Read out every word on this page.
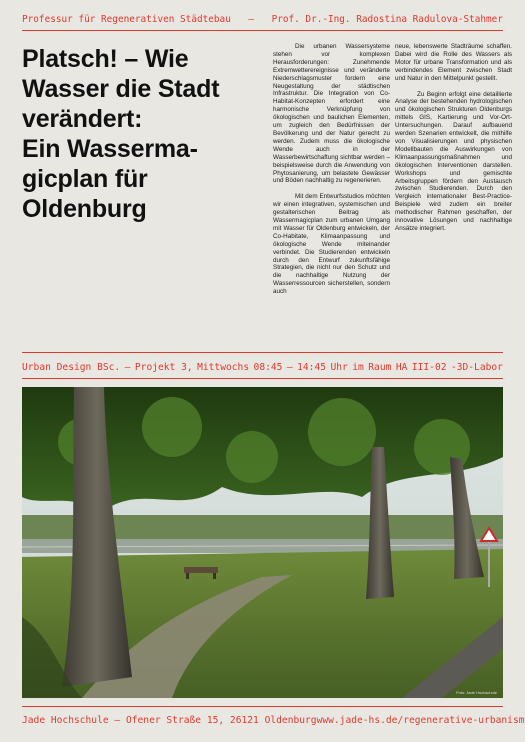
Professur für Regenerativen Städtebau — Prof. Dr.-Ing. Radostina Radulova-Stahmer
Platsch! – Wie
Wasser die Stadt
verändert:
Ein Wasserma-
gicplan für
Oldenburg

Die urbanen Wassersysteme stehen vor komplexen Herausforderungen: Zunehmende Extremwetterereignisse und veränderte Niederschlagsmuster fordern eine Neugestaltung der städtischen Infrastruktur. Die Integration von Co-Habitat-Konzepten erfordert eine harmonische Verknüpfung von ökologischen und baulichen Elementen, um zugleich den Bedürfnissen der Bevölkerung und der Natur gerecht zu werden. Zudem muss die ökologische Wende auch in der Wasserbewirtschaftung sichtbar werden – beispielsweise durch die Anwendung von Phytosanierung, um belastete Gewässer und Böden nachhaltig zu regenerieren.

Mit dem Entwurfsstudios möchten wir einen integrativen, systemischen und gestalterischen Beitrag als Wassermagicplan zum urbanen Umgang mit Wasser für Oldenburg entwickeln, der Co-Habitate, Klimaanpassung und ökologische Wende miteinander verbindet. Die Studierenden entwickeln durch den Entwurf zukunftsfähige Strategien, die nicht nur den Schutz und die nachhaltige Nutzung der Wasserressourcen sicherstellen, sondern auch

neue, lebenswerte Stadträume schaffen. Dabei wird die Rolle des Wassers als Motor für urbane Transformation und als verbindendes Element zwischen Stadt und Natur in den Mittelpunkt gestellt.

Zu Beginn erfolgt eine detaillierte Analyse der bestehenden hydrologischen und ökologischen Strukturen Oldenburgs mittels GIS, Kartierung und Vor-Ort-Untersuchungen. Darauf aufbauend werden Szenarien entwickelt, die mithilfe von Visualisierungen und physischen Modellbauten die Auswirkungen von Klimaanpassungsmaßnahmen und ökologischen Interventionen darstellen. Workshops und gemischte Arbeitsgruppen fördern den Austausch zwischen Studierenden. Durch den Vergleich internationaler Best-Practice-Beispiele wird zudem ein breiter methodischer Rahmen geschaffen, der innovative Lösungen und nachhaltige Ansätze integriert.

Urban Design BSc. — Projekt 3, Mittwochs 08:45 — 14:45 Uhr im Raum HA III-02 -3D-Labor
Foto: Jade Hochschule
Jade Hochschule — Ofener Straße 15, 26121 Oldenburg www.jade-hs.de/regenerative-urbanism
